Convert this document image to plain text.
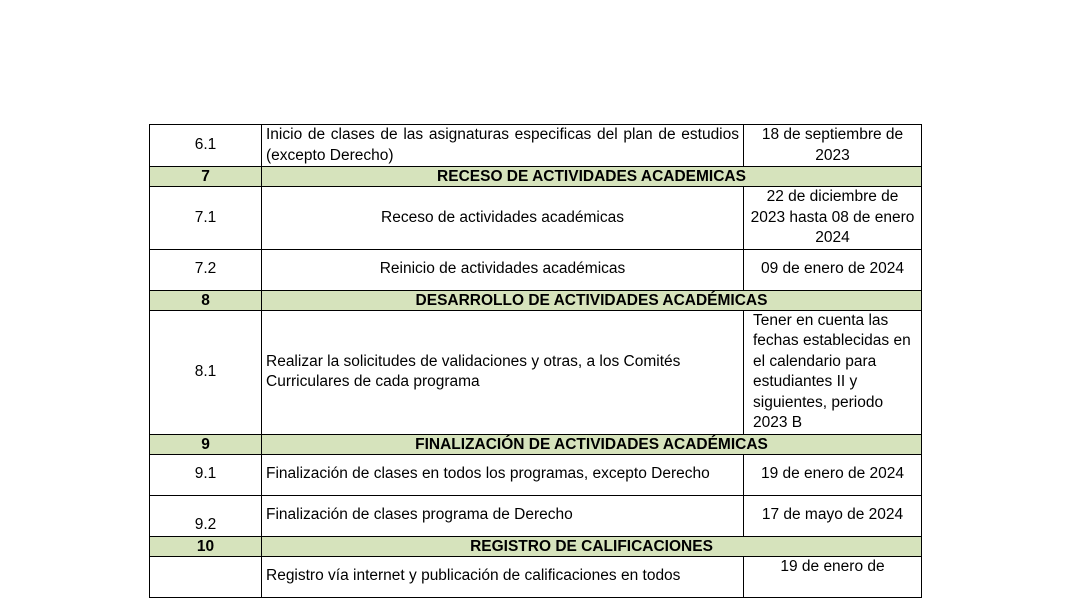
6.1	Inicio de clases de las asignaturas especificas del plan de estudios (excepto Derecho)	18 de septiembre de 2023
7	RECESO DE ACTIVIDADES ACADEMICAS	
7.1	Receso de actividades académicas	22 de diciembre de 2023 hasta 08 de enero 2024
7.2	Reinicio de actividades académicas	09 de enero de 2024
8	DESARROLLO DE ACTIVIDADES ACADÉMICAS	
8.1	Realizar la solicitudes de validaciones y otras, a los Comités Curriculares de cada programa	Tener en cuenta las fechas establecidas en el calendario para estudiantes II y siguientes, periodo 2023 B
9	FINALIZACIÓN DE ACTIVIDADES ACADÉMICAS	
9.1	Finalización de clases en todos los programas, excepto Derecho	19 de enero de 2024
9.2	Finalización de clases programa de Derecho	17 de mayo de 2024
10	REGISTRO DE CALIFICACIONES	
	Registro vía internet y publicación de calificaciones en todos	19 de enero de
